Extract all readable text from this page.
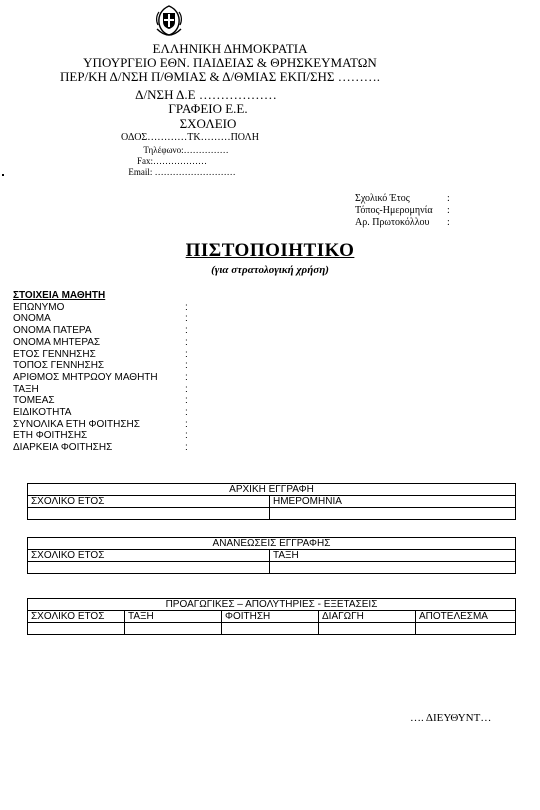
ΕΛΛΗΝΙΚΗ ΔΗΜΟΚΡΑΤΙΑ
ΥΠΟΥΡΓΕΙΟ ΕΘΝ. ΠΑΙΔΕΙΑΣ & ΘΡΗΣΚΕΥΜΑΤΩΝ
ΠΕΡ/ΚΗ Δ/ΝΣΗ Π/ΘΜΙΑΣ & Δ/ΘΜΙΑΣ ΕΚΠ/ΣΗΣ ……….
Δ/ΝΣΗ Δ.Ε ………………
ΓΡΑΦΕΙΟ Ε.Ε.
ΣΧΟΛΕΙΟ
ΟΔΟΣ…………ΤΚ………ΠΟΛΗ
Τηλέφωνο:……………
Fax:………………
Email: ………………………
Σχολικό Έτος	:
Τόπος-Ημερομηνία	:
Αρ. Πρωτοκόλλου	:
ΠΙΣΤΟΠΟΙΗΤΙΚΟ
(για στρατολογική χρήση)
ΣΤΟΙΧΕΙΑ ΜΑΘΗΤΗ
ΕΠΩΝΥΜΟ	:
ΟΝΟΜΑ	:
ΟΝΟΜΑ ΠΑΤΕΡΑ	:
ΟΝΟΜΑ ΜΗΤΕΡΑΣ	:
ΕΤΟΣ ΓΕΝΝΗΣΗΣ	:
ΤΟΠΟΣ ΓΕΝΝΗΣΗΣ	:
ΑΡΙΘΜΟΣ ΜΗΤΡΩΟΥ ΜΑΘΗΤΗ	:
ΤΑΞΗ	:
ΤΟΜΕΑΣ	:
ΕΙΔΙΚΟΤΗΤΑ	:
ΣΥΝΟΛΙΚΑ ΕΤΗ ΦΟΙΤΗΣΗΣ	:
ΕΤΗ ΦΟΙΤΗΣΗΣ	:
ΔΙΑΡΚΕΙΑ ΦΟΙΤΗΣΗΣ	:
ΑΡΧΙΚΗ ΕΓΓΡΑΦΗ	
ΣΧΟΛΙΚΟ ΕΤΟΣ	ΗΜΕΡΟΜΗΝΙΑ

ΑΝΑΝΕΩΣΕΙΣ ΕΓΓΡΑΦΗΣ	
ΣΧΟΛΙΚΟ ΕΤΟΣ	ΤΑΞΗ

ΠΡΟΑΓΩΓΙΚΕΣ – ΑΠΟΛΥΤΗΡΙΕΣ - ΕΞΕΤΑΣΕΙΣ				
ΣΧΟΛΙΚΟ ΕΤΟΣ	ΤΑΞΗ	ΦΟΙΤΗΣΗ	ΔΙΑΓΩΓΗ	ΑΠΟΤΕΛΕΣΜΑ

…. ΔΙΕΥΘΥΝΤ…
